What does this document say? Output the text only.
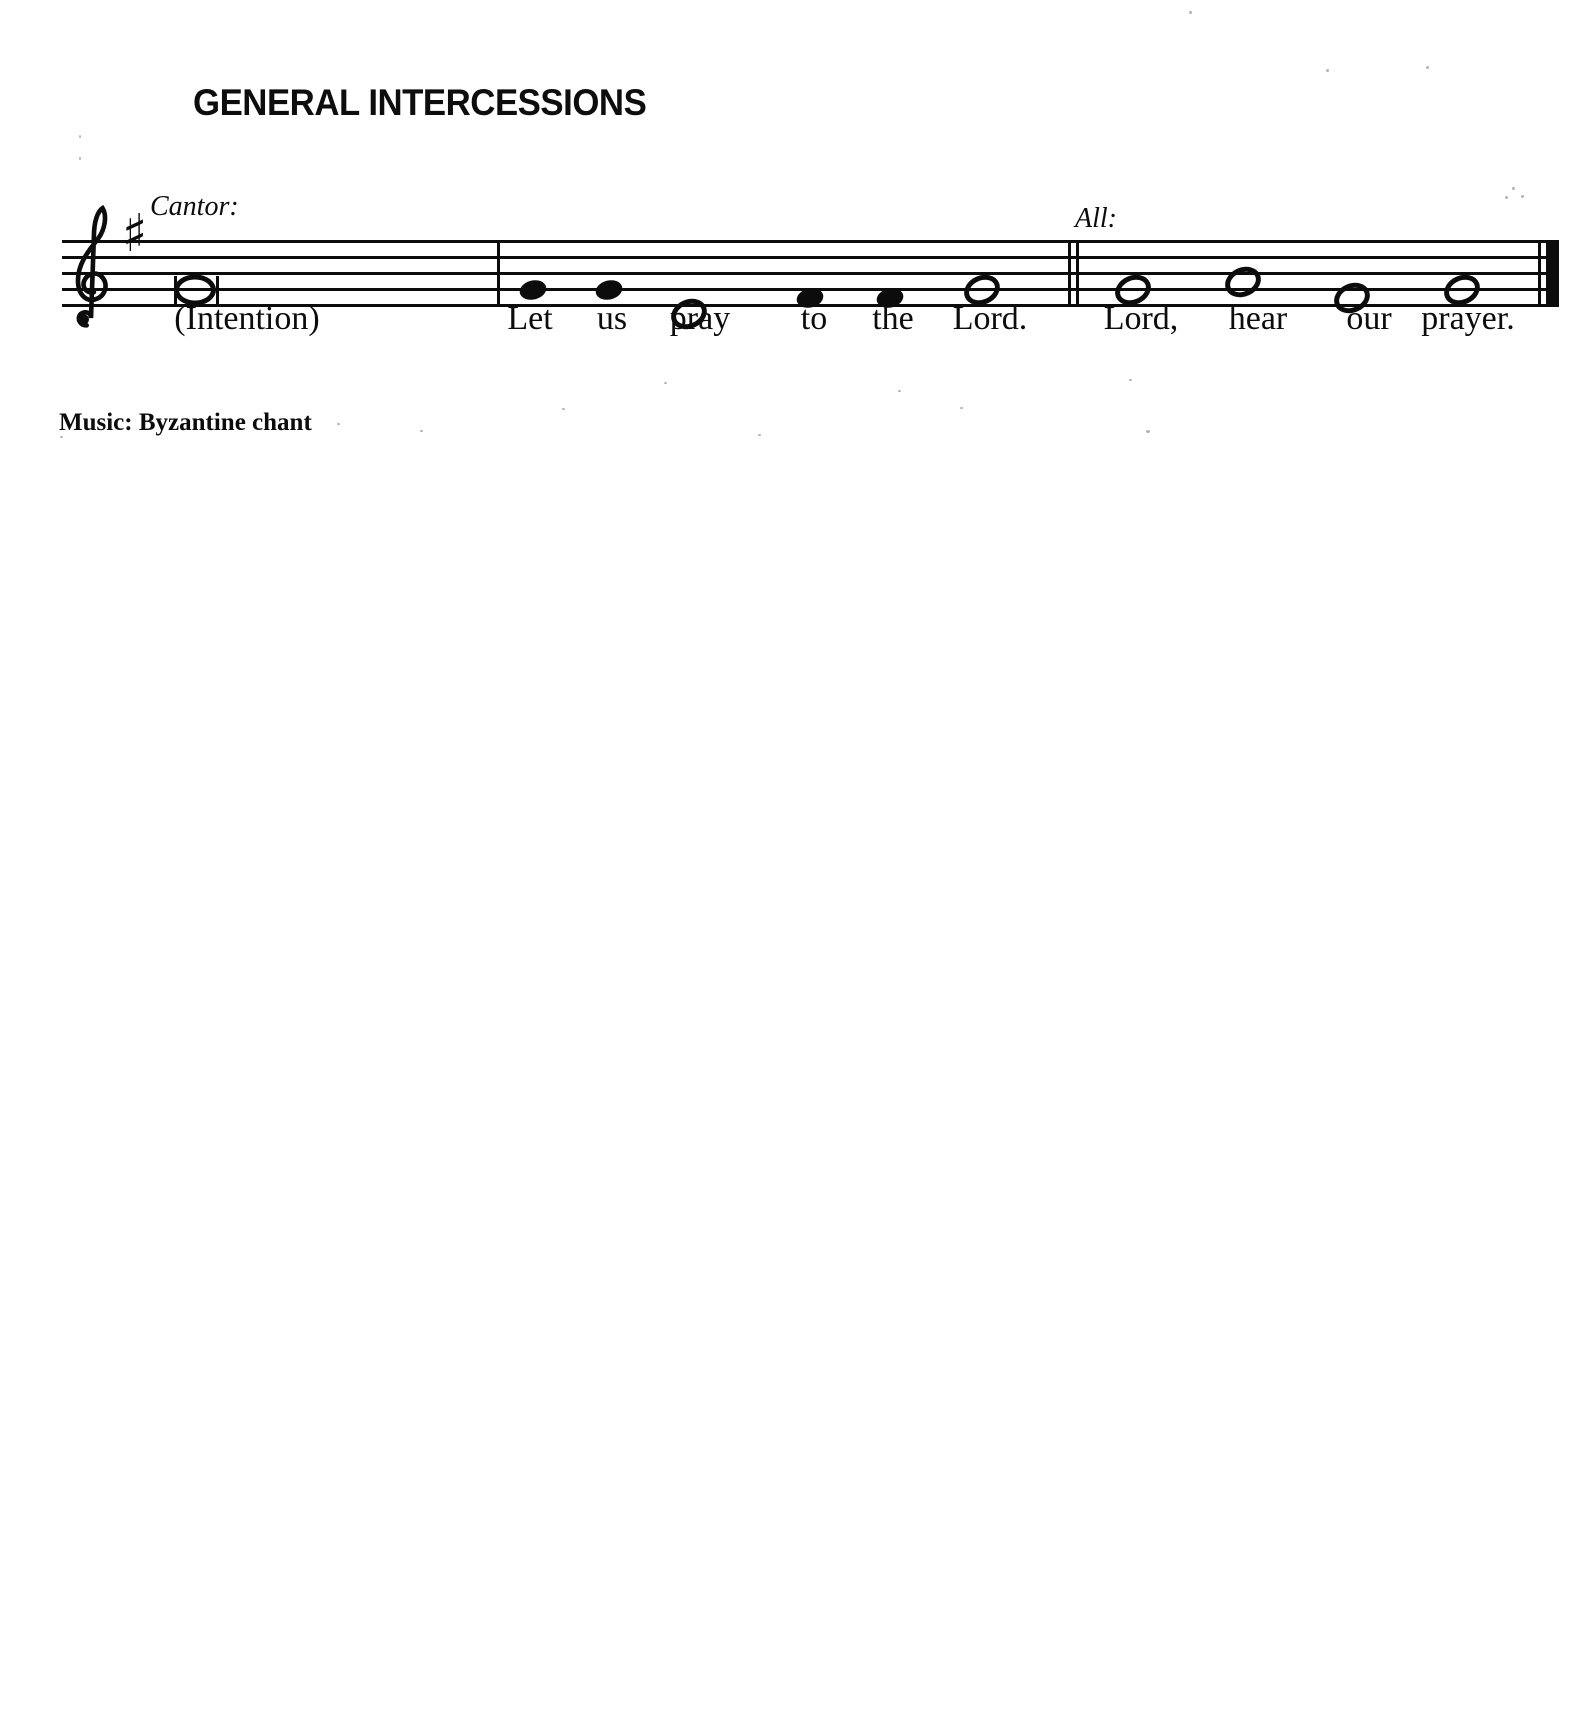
GENERAL INTERCESSIONS
♯ Cantor:	All:
(Intention)	Let us pray to the Lord. Lord, hear our prayer.
Music: Byzantine chant
